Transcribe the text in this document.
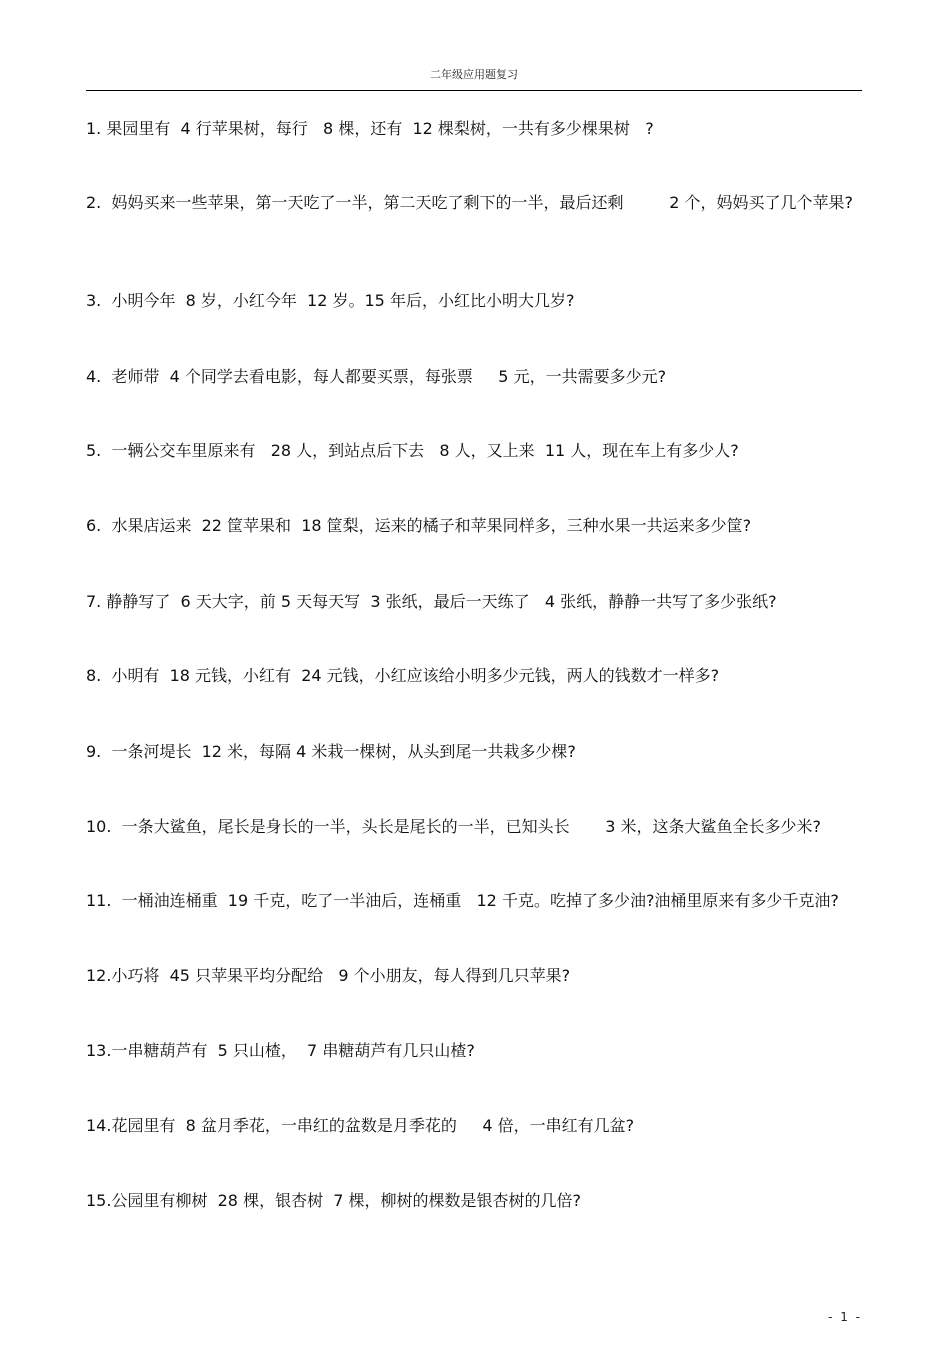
二年级应用题复习

1. 果园里有  4 行苹果树，每行   8 棵，还有  12 棵梨树，一共有多少棵果树   ?

2.  妈妈买来一些苹果，第一天吃了一半，第二天吃了剩下的一半，最后还剩         2 个，妈妈买了几个苹果?

3.  小明今年  8 岁，小红今年  12 岁。15 年后，小红比小明大几岁?

4.  老师带  4 个同学去看电影，每人都要买票，每张票     5 元，一共需要多少元?

5.  一辆公交车里原来有   28 人，到站点后下去   8 人，又上来  11 人，现在车上有多少人?

6.  水果店运来  22 筐苹果和  18 筐梨，运来的橘子和苹果同样多，三种水果一共运来多少筐?

7. 静静写了  6 天大字，前 5 天每天写  3 张纸，最后一天练了   4 张纸，静静一共写了多少张纸?

8.  小明有  18 元钱，小红有  24 元钱，小红应该给小明多少元钱，两人的钱数才一样多?

9.  一条河堤长  12 米，每隔 4 米栽一棵树，从头到尾一共栽多少棵?

10.  一条大鲨鱼，尾长是身长的一半，头长是尾长的一半，已知头长       3 米，这条大鲨鱼全长多少米?

11.  一桶油连桶重  19 千克，吃了一半油后，连桶重   12 千克。吃掉了多少油?油桶里原来有多少千克油?

12.小巧将  45 只苹果平均分配给   9 个小朋友，每人得到几只苹果?

13.一串糖葫芦有  5 只山楂，  7 串糖葫芦有几只山楂?

14.花园里有  8 盆月季花，一串红的盆数是月季花的     4 倍，一串红有几盆?

15.公园里有柳树  28 棵，银杏树  7 棵，柳树的棵数是银杏树的几倍?

- 1 -
